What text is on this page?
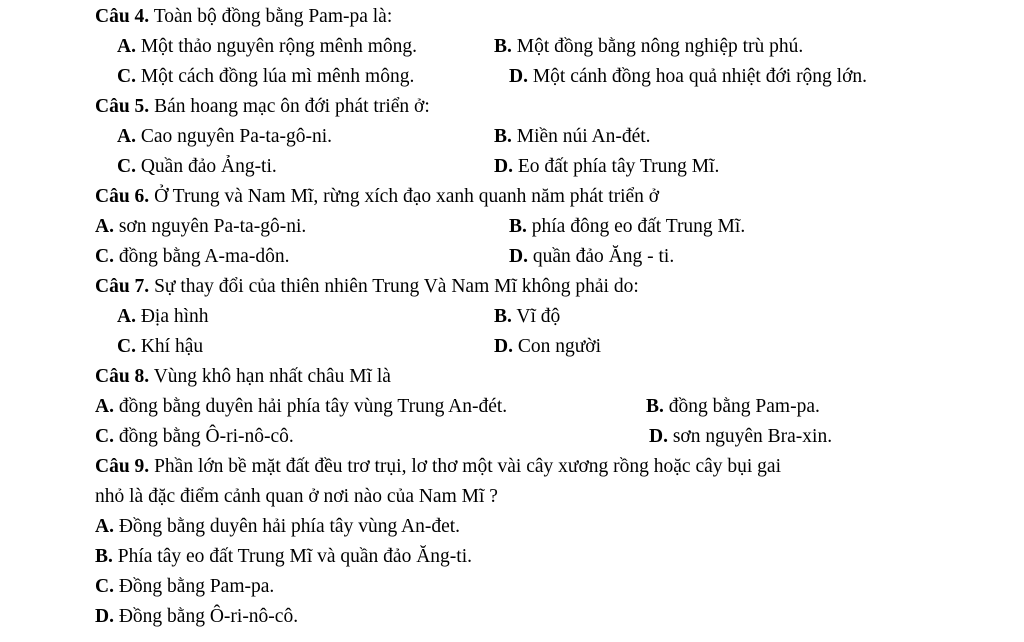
Câu 4. Toàn bộ đồng bằng Pam-pa là:
A. Một thảo nguyên rộng mênh mông.	B. Một đồng bằng nông nghiệp trù phú.
C. Một cách đồng lúa mì mênh mông.	D. Một cánh đồng hoa quả nhiệt đới rộng lớn.
Câu 5. Bán hoang mạc ôn đới phát triển ở:
A. Cao nguyên Pa-ta-gô-ni.	B. Miền núi An-đét.
C. Quần đảo Ảng-ti.	D. Eo đất phía tây Trung Mĩ.
Câu 6. Ở Trung và Nam Mĩ, rừng xích đạo xanh quanh năm phát triển ở
A. sơn nguyên Pa-ta-gô-ni.	B. phía đông eo đất Trung Mĩ.
C. đồng bằng A-ma-dôn.	D. quần đảo Ăng - ti.
Câu 7. Sự thay đổi của thiên nhiên Trung Và Nam Mĩ không phải do:
A. Địa hình	B. Vĩ độ
C. Khí hậu	D. Con người
Câu 8. Vùng khô hạn nhất châu Mĩ là
A. đồng bằng duyên hải phía tây vùng Trung An-đét.	B. đồng bằng Pam-pa.
C. đồng bằng Ô-ri-nô-cô.	D. sơn nguyên Bra-xin.
Câu 9. Phần lớn bề mặt đất đều trơ trụi, lơ thơ một vài cây xương rồng hoặc cây bụi gai
nhỏ là đặc điểm cảnh quan ở nơi nào của Nam Mĩ ?
A. Đồng bằng duyên hải phía tây vùng An-đet.
B. Phía tây eo đất Trung Mĩ và quần đảo Ăng-ti.
C. Đồng bằng Pam-pa.
D. Đồng bằng Ô-ri-nô-cô.
